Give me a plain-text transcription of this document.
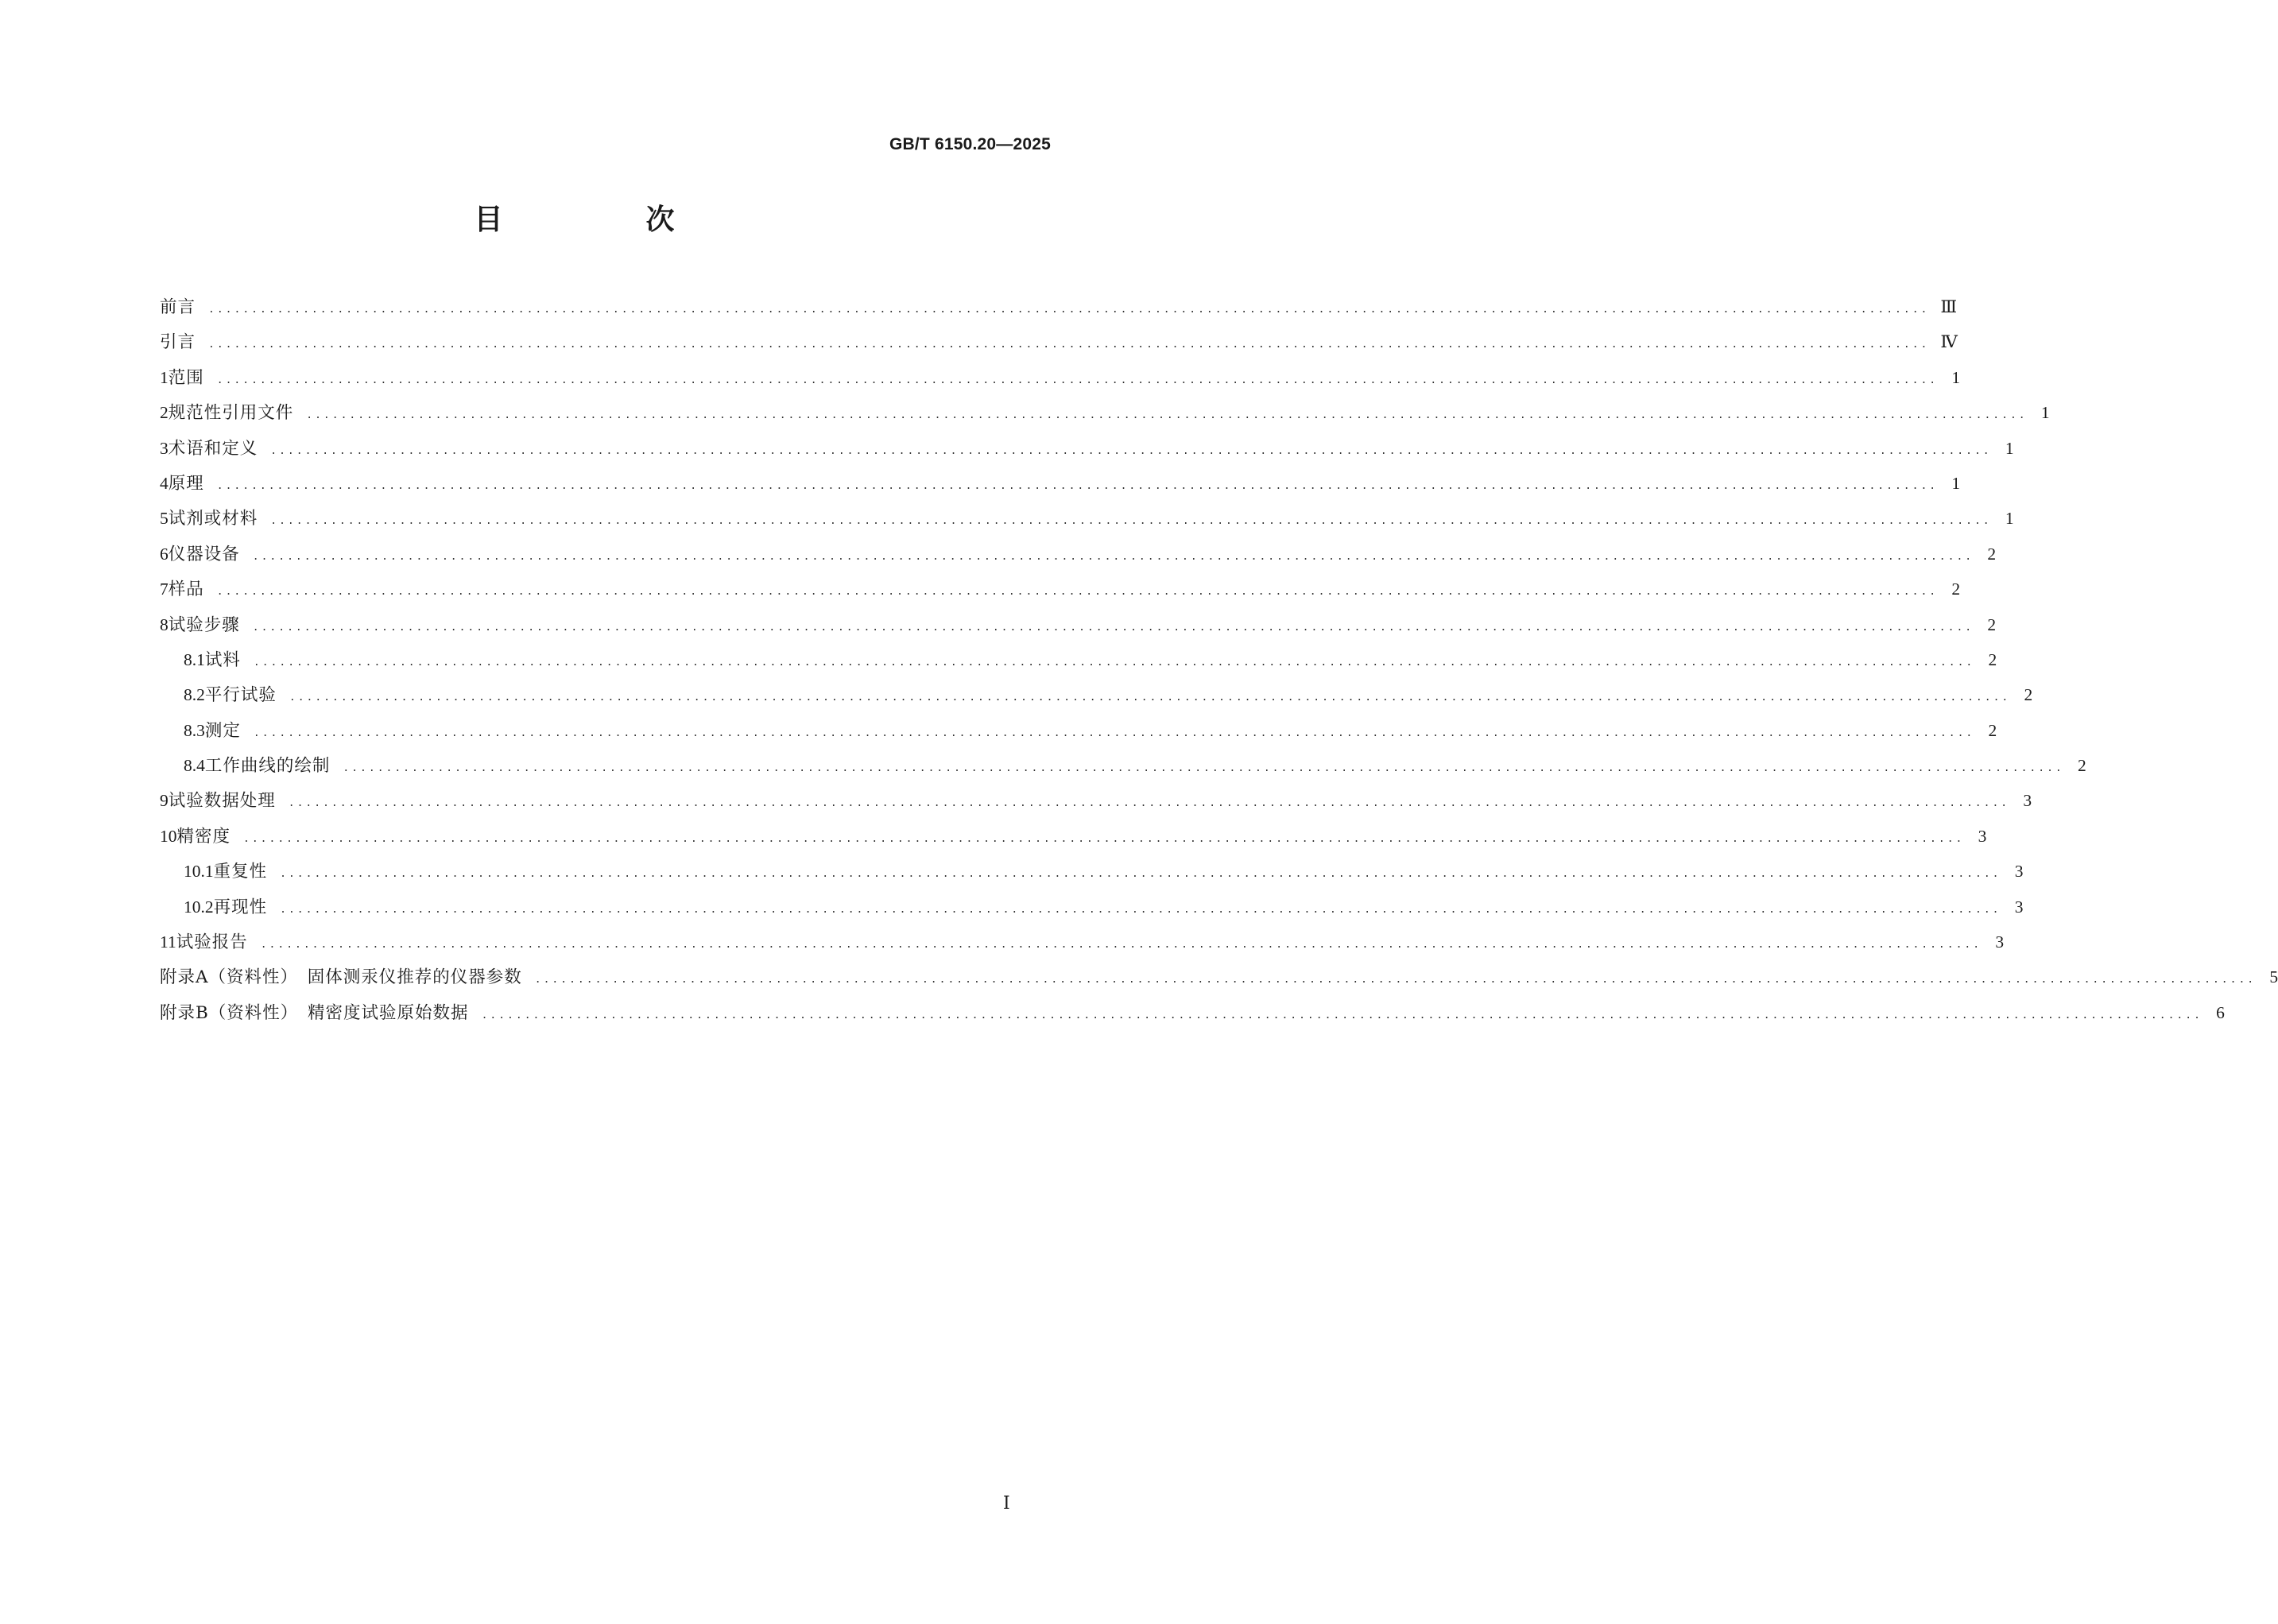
GB/T 6150.20—2025
目　次
前言 ........................................................................................................................................................................................................ Ⅲ
引言 ........................................................................................................................................................................................................ Ⅳ
1 范围 ........................................................................................................................................................................................................ 1
2 规范性引用文件 ........................................................................................................................................................................................................ 1
3 术语和定义 ........................................................................................................................................................................................................ 1
4 原理 ........................................................................................................................................................................................................ 1
5 试剂或材料 ........................................................................................................................................................................................................ 1
6 仪器设备 ........................................................................................................................................................................................................ 2
7 样品 ........................................................................................................................................................................................................ 2
8 试验步骤 ........................................................................................................................................................................................................ 2
8.1 试料 ........................................................................................................................................................................................................ 2
8.2 平行试验 ........................................................................................................................................................................................................ 2
8.3 测定 ........................................................................................................................................................................................................ 2
8.4 工作曲线的绘制 ........................................................................................................................................................................................................ 2
9 试验数据处理 ........................................................................................................................................................................................................ 3
10 精密度 ........................................................................................................................................................................................................ 3
10.1 重复性 ........................................................................................................................................................................................................ 3
10.2 再现性 ........................................................................................................................................................................................................ 3
11 试验报告 ........................................................................................................................................................................................................ 3
附录A（资料性）　固体测汞仪推荐的仪器参数 ........................................................................................................................................................................................................ 5
附录B（资料性）　精密度试验原始数据 ........................................................................................................................................................................................................ 6
Ⅰ
